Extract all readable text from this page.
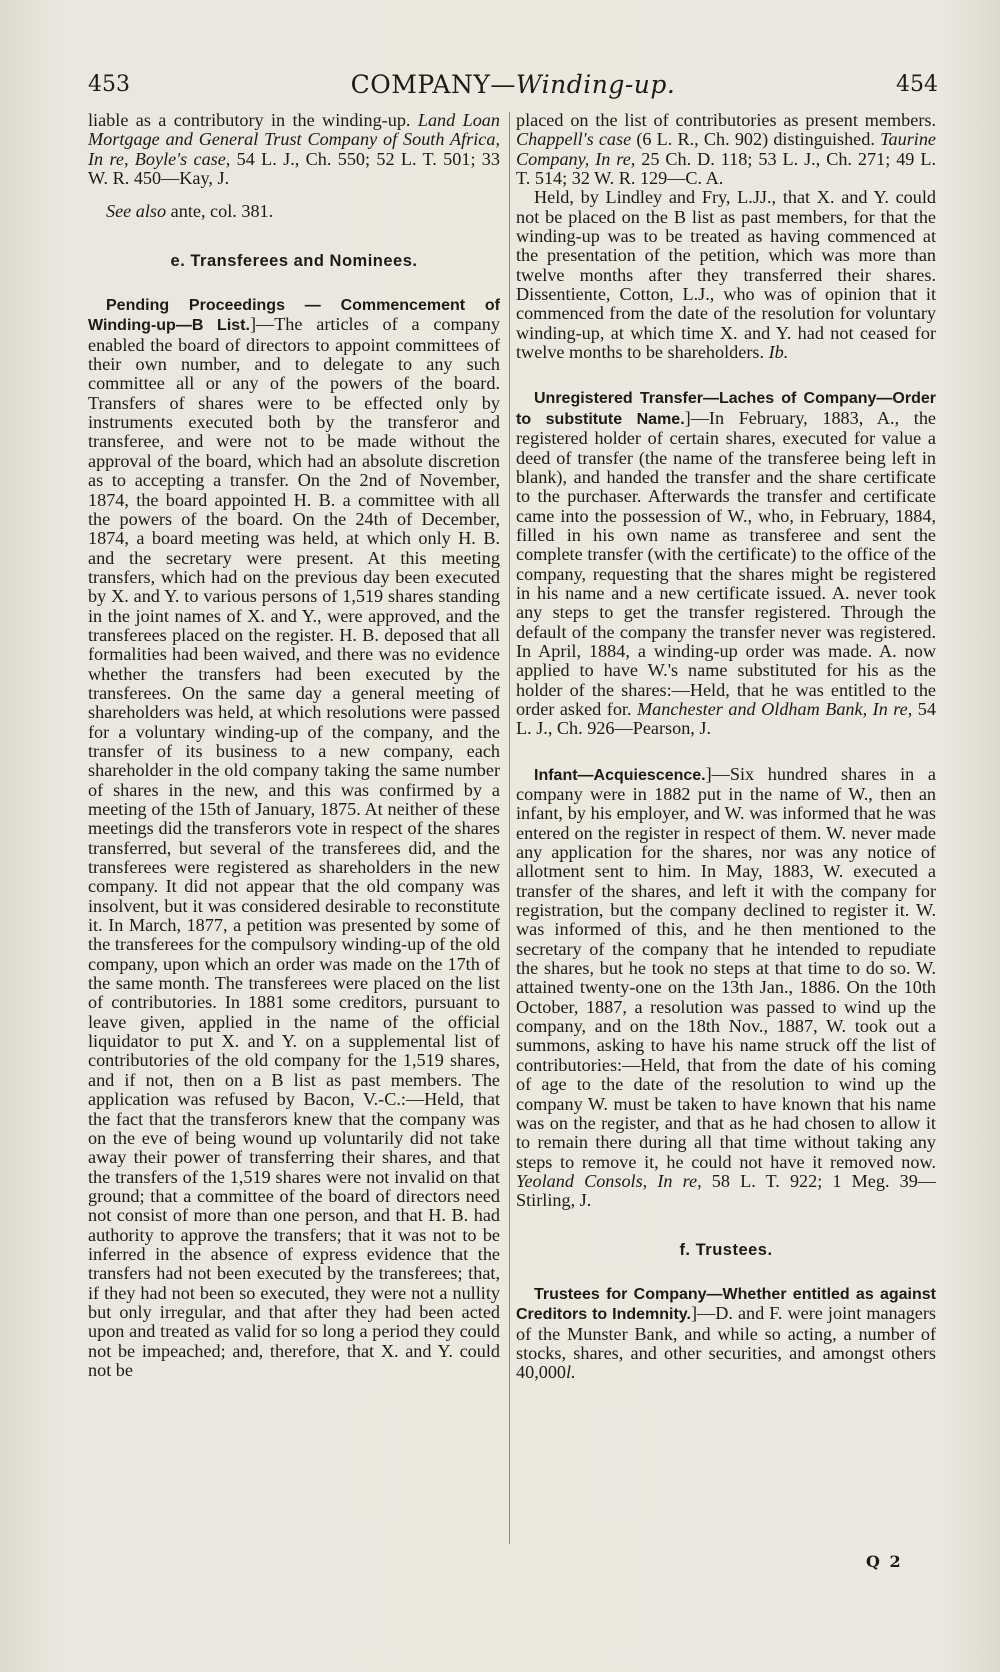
453	COMPANY—Winding-up.	454

liable as a contributory in the winding-up. Land Loan Mortgage and General Trust Company of South Africa, In re, Boyle's case, 54 L. J., Ch. 550; 52 L. T. 501; 33 W. R. 450—Kay, J.

See also ante, col. 381.

e. Transferees and Nominees.

Pending Proceedings — Commencement of Winding-up—B List.]—The articles of a company enabled the board of directors to appoint committees of their own number, and to delegate to any such committee all or any of the powers of the board. Transfers of shares were to be effected only by instruments executed both by the transferor and transferee, and were not to be made without the approval of the board, which had an absolute discretion as to accepting a transfer. On the 2nd of November, 1874, the board appointed H. B. a committee with all the powers of the board. On the 24th of December, 1874, a board meeting was held, at which only H. B. and the secretary were present. At this meeting transfers, which had on the previous day been executed by X. and Y. to various persons of 1,519 shares standing in the joint names of X. and Y., were approved, and the transferees placed on the register. H. B. deposed that all formalities had been waived, and there was no evidence whether the transfers had been executed by the transferees. On the same day a general meeting of shareholders was held, at which resolutions were passed for a voluntary winding-up of the company, and the transfer of its business to a new company, each shareholder in the old company taking the same number of shares in the new, and this was confirmed by a meeting of the 15th of January, 1875. At neither of these meetings did the transferors vote in respect of the shares transferred, but several of the transferees did, and the transferees were registered as shareholders in the new company. It did not appear that the old company was insolvent, but it was considered desirable to reconstitute it. In March, 1877, a petition was presented by some of the transferees for the compulsory winding-up of the old company, upon which an order was made on the 17th of the same month. The transferees were placed on the list of contributories. In 1881 some creditors, pursuant to leave given, applied in the name of the official liquidator to put X. and Y. on a supplemental list of contributories of the old company for the 1,519 shares, and if not, then on a B list as past members. The application was refused by Bacon, V.-C.:—Held, that the fact that the transferors knew that the company was on the eve of being wound up voluntarily did not take away their power of transferring their shares, and that the transfers of the 1,519 shares were not invalid on that ground; that a committee of the board of directors need not consist of more than one person, and that H. B. had authority to approve the transfers; that it was not to be inferred in the absence of express evidence that the transfers had not been executed by the transferees; that, if they had not been so executed, they were not a nullity but only irregular, and that after they had been acted upon and treated as valid for so long a period they could not be impeached; and, therefore, that X. and Y. could not be

placed on the list of contributories as present members. Chappell's case (6 L. R., Ch. 902) distinguished. Taurine Company, In re, 25 Ch. D. 118; 53 L. J., Ch. 271; 49 L. T. 514; 32 W. R. 129—C. A.

Held, by Lindley and Fry, L.JJ., that X. and Y. could not be placed on the B list as past members, for that the winding-up was to be treated as having commenced at the presentation of the petition, which was more than twelve months after they transferred their shares. Dissentiente, Cotton, L.J., who was of opinion that it commenced from the date of the resolution for voluntary winding-up, at which time X. and Y. had not ceased for twelve months to be shareholders. Ib.

Unregistered Transfer—Laches of Company—Order to substitute Name.]—In February, 1883, A., the registered holder of certain shares, executed for value a deed of transfer (the name of the transferee being left in blank), and handed the transfer and the share certificate to the purchaser. Afterwards the transfer and certificate came into the possession of W., who, in February, 1884, filled in his own name as transferee and sent the complete transfer (with the certificate) to the office of the company, requesting that the shares might be registered in his name and a new certificate issued. A. never took any steps to get the transfer registered. Through the default of the company the transfer never was registered. In April, 1884, a winding-up order was made. A. now applied to have W.'s name substituted for his as the holder of the shares:—Held, that he was entitled to the order asked for. Manchester and Oldham Bank, In re, 54 L. J., Ch. 926—Pearson, J.

Infant—Acquiescence.]—Six hundred shares in a company were in 1882 put in the name of W., then an infant, by his employer, and W. was informed that he was entered on the register in respect of them. W. never made any application for the shares, nor was any notice of allotment sent to him. In May, 1883, W. executed a transfer of the shares, and left it with the company for registration, but the company declined to register it. W. was informed of this, and he then mentioned to the secretary of the company that he intended to repudiate the shares, but he took no steps at that time to do so. W. attained twenty-one on the 13th Jan., 1886. On the 10th October, 1887, a resolution was passed to wind up the company, and on the 18th Nov., 1887, W. took out a summons, asking to have his name struck off the list of contributories:—Held, that from the date of his coming of age to the date of the resolution to wind up the company W. must be taken to have known that his name was on the register, and that as he had chosen to allow it to remain there during all that time without taking any steps to remove it, he could not have it removed now. Yeoland Consols, In re, 58 L. T. 922; 1 Meg. 39—Stirling, J.

f. Trustees.

Trustees for Company—Whether entitled as against Creditors to Indemnity.]—D. and F. were joint managers of the Munster Bank, and while so acting, a number of stocks, shares, and other securities, and amongst others 40,000l.

Q 2
